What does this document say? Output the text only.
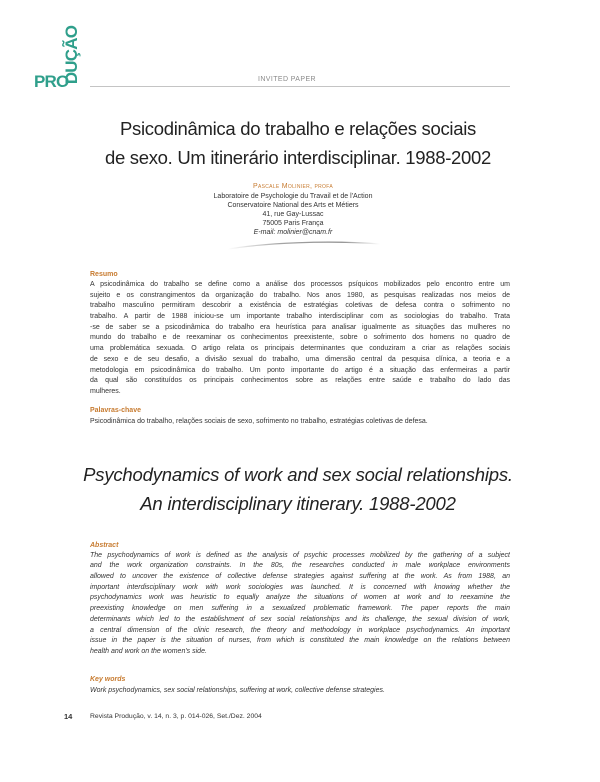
PRO
DUÇÃO	INVITED PAPER
Psicodinâmica do trabalho e relações sociais
de sexo. Um itinerário interdisciplinar. 1988-2002
Pascale Molinier, profa
Laboratoire de Psychologie du Travail et de l'Action
Conservatoire National des Arts et Métiers
41, rue Gay-Lussac
75005 Paris França
E-mail: molinier@cnam.fr
Resumo
A psicodinâmica do trabalho se define como a análise dos processos psíquicos mobilizados pelo encontro entre um
sujeito e os constrangimentos da organização do trabalho. Nos anos 1980, as pesquisas realizadas nos meios de
trabalho masculino permitiram descobrir a existência de estratégias coletivas de defesa contra o sofrimento no
trabalho. A partir de 1988 iniciou-se um importante trabalho interdisciplinar com as sociologias do trabalho. Trata
-se de saber se a psicodinâmica do trabalho era heurística para analisar igualmente as situações das mulheres no
mundo do trabalho e de reexaminar os conhecimentos preexistente, sobre o sofrimento dos homens no quadro de
uma problemática sexuada. O artigo relata os principais determinantes que conduziram a criar as relações sociais
de sexo e de seu desafio, a divisão sexual do trabalho, uma dimensão central da pesquisa clínica, a teoria e a
metodologia em psicodinâmica do trabalho. Um ponto importante do artigo é a situação das enfermeiras a partir
da qual são constituídos os principais conhecimentos sobre as relações entre saúde e trabalho do lado das
mulheres.
Palavras-chave
Psicodinâmica do trabalho, relações sociais de sexo, sofrimento no trabalho, estratégias coletivas de defesa.
Psychodynamics of work and sex social relationships.
An interdisciplinary itinerary. 1988-2002
Abstract
The psychodynamics of work is defined as the analysis of psychic processes mobilized by the gathering of a subject
and the work organization constraints. In the 80s, the researches conducted in male workplace environments
allowed to uncover the existence of collective defense strategies against suffering at the work. As from 1988, an
important interdisciplinary work with work sociologies was launched. It is concerned with knowing whether the
psychodynamics work was heuristic to equally analyze the situations of women at work and to reexamine the
preexisting knowledge on men suffering in a sexualized problematic framework. The paper reports the main
determinants which led to the establishment of sex social relationships and its challenge, the sexual division of work,
a central dimension of the clinic research, the theory and methodology in workplace psychodynamics. An important
issue in the paper is the situation of nurses, from which is constituted the main knowledge on the relations between
health and work on the women's side.
Key words
Work psychodynamics, sex social relationships, suffering at work, collective defense strategies.
14	Revista Produção, v. 14, n. 3, p. 014-026, Set./Dez. 2004
